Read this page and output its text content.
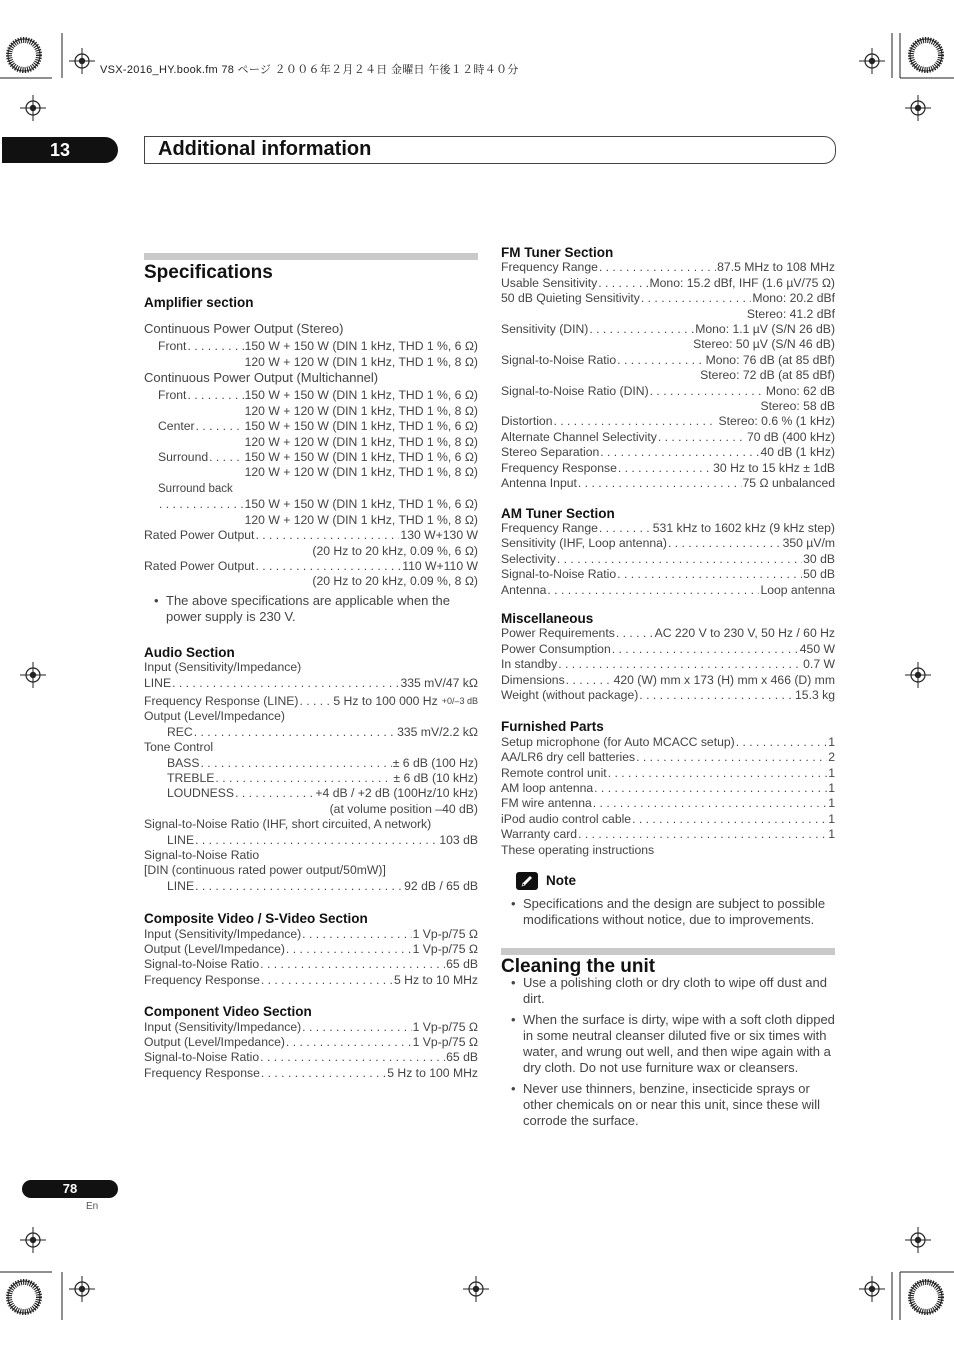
VSX-2016_HY.book.fm 78 ページ ２００６年２月２４日 金曜日 午後１２時４０分
13	Additional information
Specifications
Amplifier section
Continuous Power Output (Stereo)
Front . . .	150 W + 150 W (DIN 1 kHz, THD 1 %, 6 Ω)
120 W + 120 W (DIN 1 kHz, THD 1 %, 8 Ω)
Continuous Power Output (Multichannel)
Front . . .	150 W + 150 W (DIN 1 kHz, THD 1 %, 6 Ω)
120 W + 120 W (DIN 1 kHz, THD 1 %, 8 Ω)
Center . . .	150 W + 150 W (DIN 1 kHz, THD 1 %, 6 Ω)
120 W + 120 W (DIN 1 kHz, THD 1 %, 8 Ω)
Surround . . .	150 W + 150 W (DIN 1 kHz, THD 1 %, 6 Ω)
120 W + 120 W (DIN 1 kHz, THD 1 %, 8 Ω)
Surround back
. . .
150 W + 150 W (DIN 1 kHz, THD 1 %, 6 Ω)
120 W + 120 W (DIN 1 kHz, THD 1 %, 8 Ω)
Rated Power Output . . .	130 W+130 W
(20 Hz to 20 kHz, 0.09 %, 6 Ω)
Rated Power Output . . .	110 W+110 W
(20 Hz to 20 kHz, 0.09 %, 8 Ω)
• The above specifications are applicable when the power supply is 230 V.
Audio Section
Input (Sensitivity/Impedance)
LINE . . .	335 mV/47 kΩ
Frequency Response (LINE) . . .	5 Hz to 100 000 Hz +0/–3 dB
Output (Level/Impedance)
REC . . .	335 mV/2.2 kΩ
Tone Control
BASS . . .	± 6 dB (100 Hz)
TREBLE . . .	± 6 dB (10 kHz)
LOUDNESS . . .	+4 dB / +2 dB (100Hz/10 kHz)
(at volume position –40 dB)
Signal-to-Noise Ratio (IHF, short circuited, A network)
LINE . . .	103 dB
Signal-to-Noise Ratio
[DIN (continuous rated power output/50mW)]
LINE . . .	92 dB / 65 dB
Composite Video / S-Video Section
Input (Sensitivity/Impedance) . . .	1 Vp-p/75 Ω
Output (Level/Impedance) . . .	1 Vp-p/75 Ω
Signal-to-Noise Ratio . . .	65 dB
Frequency Response . . .	5 Hz to 10 MHz
Component Video Section
Input (Sensitivity/Impedance) . . .	1 Vp-p/75 Ω
Output (Level/Impedance) . . .	1 Vp-p/75 Ω
Signal-to-Noise Ratio . . .	65 dB
Frequency Response . . .	5 Hz to 100 MHz
FM Tuner Section
Frequency Range . . .	87.5 MHz to 108 MHz
Usable Sensitivity . . .	Mono: 15.2 dBf, IHF (1.6 µV/75 Ω)
50 dB Quieting Sensitivity . . .	Mono: 20.2 dBf
Stereo: 41.2 dBf
Sensitivity (DIN) . . .	Mono: 1.1 µV (S/N 26 dB)
Stereo: 50 µV (S/N 46 dB)
Signal-to-Noise Ratio . . .	Mono: 76 dB (at 85 dBf)
Stereo: 72 dB (at 85 dBf)
Signal-to-Noise Ratio (DIN) . . .	Mono: 62 dB
Stereo: 58 dB
Distortion . . .	Stereo: 0.6 % (1 kHz)
Alternate Channel Selectivity . . .	70 dB (400 kHz)
Stereo Separation . . .	40 dB (1 kHz)
Frequency Response . . .	30 Hz to 15 kHz ± 1dB
Antenna Input . . .	75 Ω unbalanced
AM Tuner Section
Frequency Range . . .	531 kHz to 1602 kHz (9 kHz step)
Sensitivity (IHF, Loop antenna) . . .	350 µV/m
Selectivity . . .	30 dB
Signal-to-Noise Ratio . . .	50 dB
Antenna . . .	Loop antenna
Miscellaneous
Power Requirements . . .	AC 220 V to 230 V, 50 Hz / 60 Hz
Power Consumption . . .	450 W
In standby . . .	0.7 W
Dimensions . . .	420 (W) mm x 173 (H) mm x 466 (D) mm
Weight (without package) . . .	15.3 kg
Furnished Parts
Setup microphone (for Auto MCACC setup) . . .	1
AA/LR6 dry cell batteries . . .	2
Remote control unit . . .	1
AM loop antenna . . .	1
FM wire antenna . . .	1
iPod audio control cable . . .	1
Warranty card . . .	1
These operating instructions
Note
• Specifications and the design are subject to possible modifications without notice, due to improvements.
Cleaning the unit
• Use a polishing cloth or dry cloth to wipe off dust and dirt.
• When the surface is dirty, wipe with a soft cloth dipped in some neutral cleanser diluted five or six times with water, and wrung out well, and then wipe again with a dry cloth. Do not use furniture wax or cleansers.
• Never use thinners, benzine, insecticide sprays or other chemicals on or near this unit, since these will corrode the surface.
78
En
